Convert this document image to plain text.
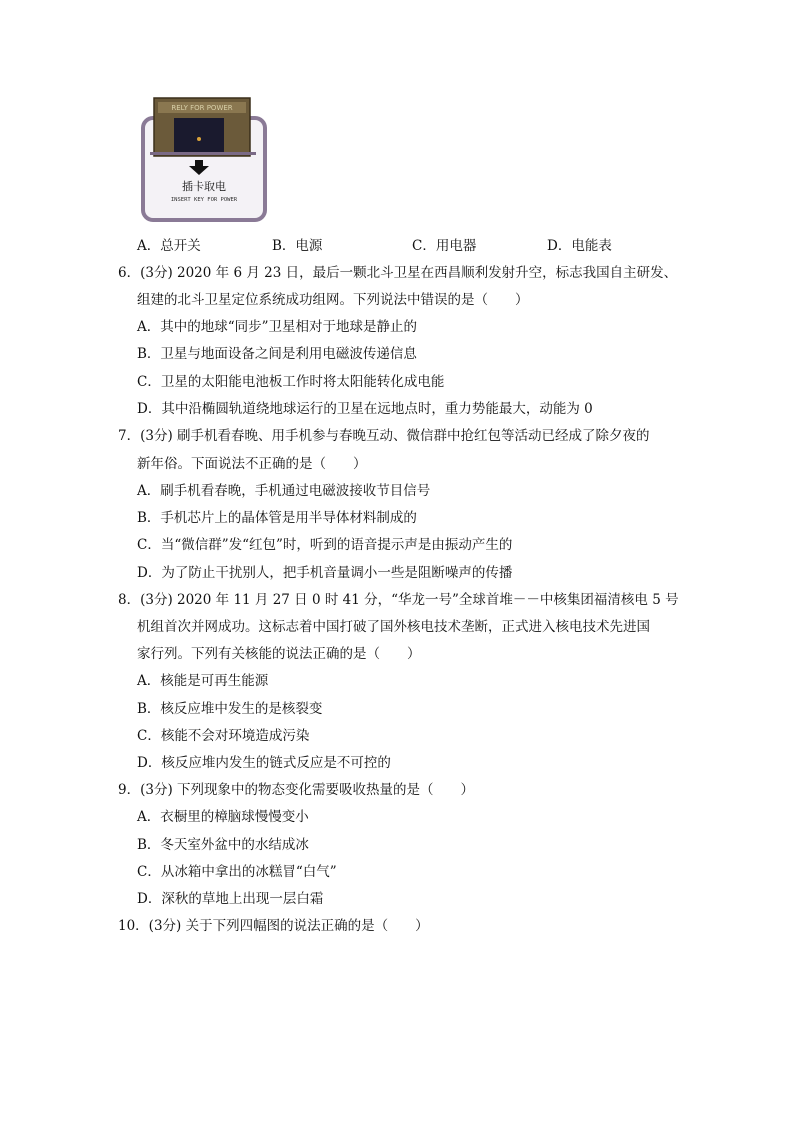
RELY FOR POWER
插卡取电
INSERT KEY FOR POWER
A．总开关	B．电源	C．用电器	D．电能表
6．(3分) 2020 年 6 月 23 日，最后一颗北斗卫星在西昌顺利发射升空，标志我国自主研发、
组建的北斗卫星定位系统成功组网。下列说法中错误的是（　　）
A．其中的地球“同步”卫星相对于地球是静止的
B．卫星与地面设备之间是利用电磁波传递信息
C．卫星的太阳能电池板工作时将太阳能转化成电能
D．其中沿椭圆轨道绕地球运行的卫星在远地点时，重力势能最大，动能为 0
7．(3分) 刷手机看春晚、用手机参与春晚互动、微信群中抢红包等活动已经成了除夕夜的
新年俗。下面说法不正确的是（　　）
A．刷手机看春晚，手机通过电磁波接收节目信号
B．手机芯片上的晶体管是用半导体材料制成的
C．当“微信群”发“红包”时，听到的语音提示声是由振动产生的
D．为了防止干扰别人，把手机音量调小一些是阻断噪声的传播
8．(3分) 2020 年 11 月 27 日 0 时 41 分，“华龙一号”全球首堆－－中核集团福清核电 5 号
机组首次并网成功。这标志着中国打破了国外核电技术垄断，正式进入核电技术先进国
家行列。下列有关核能的说法正确的是（　　）
A．核能是可再生能源
B．核反应堆中发生的是核裂变
C．核能不会对环境造成污染
D．核反应堆内发生的链式反应是不可控的
9．(3分) 下列现象中的物态变化需要吸收热量的是（　　）
A．衣橱里的樟脑球慢慢变小
B．冬天室外盆中的水结成冰
C．从冰箱中拿出的冰糕冒“白气”
D．深秋的草地上出现一层白霜
10．(3分) 关于下列四幅图的说法正确的是（　　）
